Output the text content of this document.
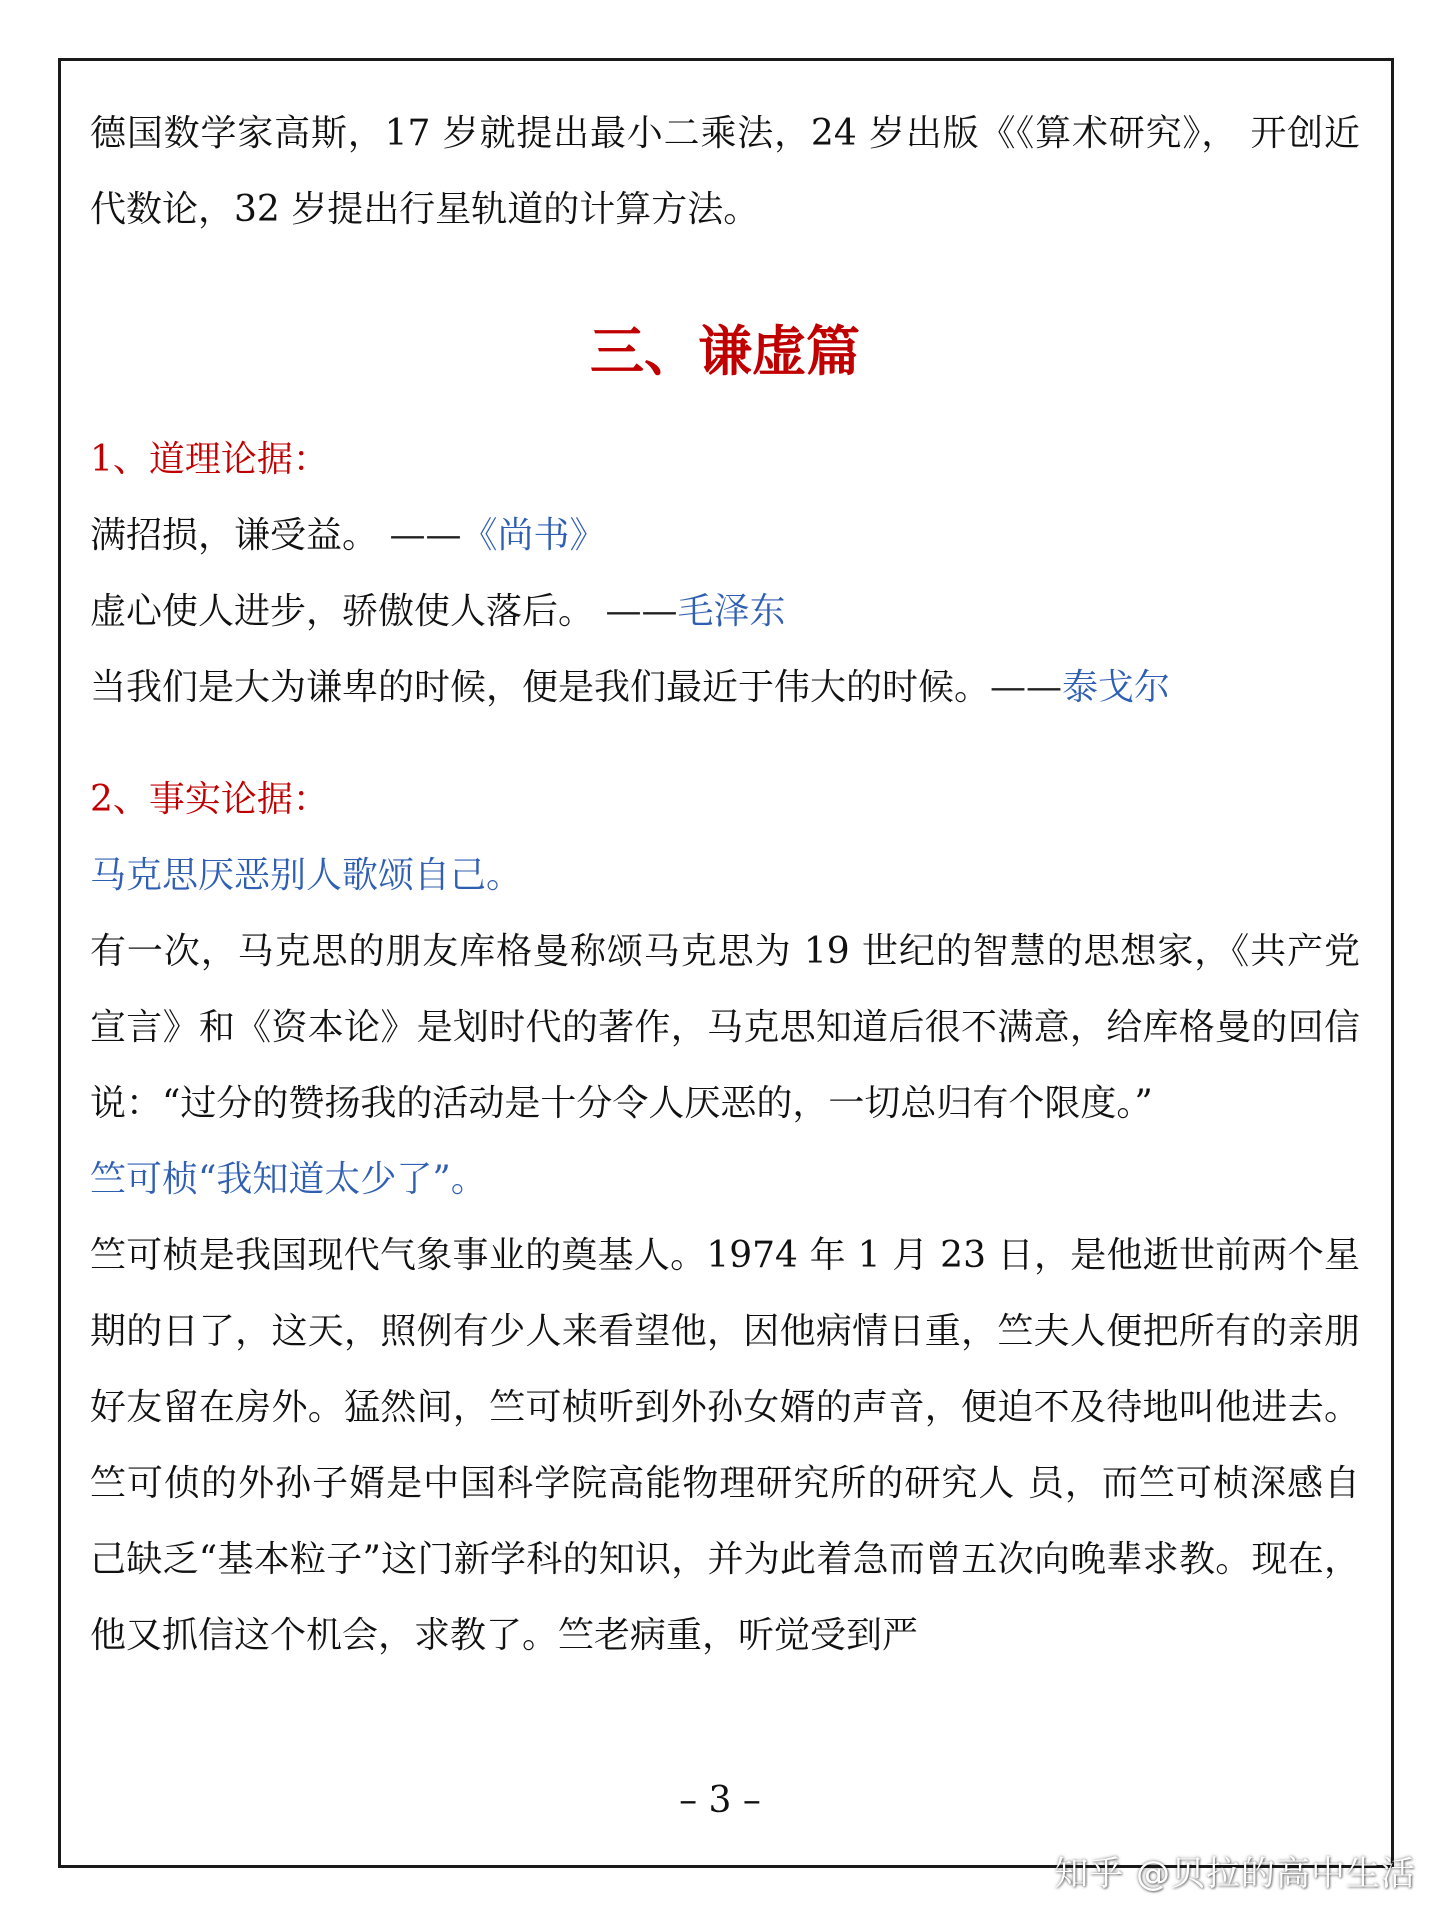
德国数学家高斯，17 岁就提出最小二乘法，24 岁出版《《算术研究》， 开创近代数论，32 岁提出行星轨道的计算方法。

三、谦虚篇

1、道理论据：

满招损，谦受益。 ——《尚书》

虚心使人进步，骄傲使人落后。 ——毛泽东

当我们是大为谦卑的时候，便是我们最近于伟大的时候。——泰戈尔

2、事实论据：

马克思厌恶别人歌颂自己。

有一次，马克思的朋友库格曼称颂马克思为 19 世纪的智慧的思想家，《共产党宣言》和《资本论》是划时代的著作，马克思知道后很不满意，给库格曼的回信说：“过分的赞扬我的活动是十分令人厌恶的，一切总归有个限度。”

竺可桢“我知道太少了”。

竺可桢是我国现代气象事业的奠基人。1974 年 1 月 23 日，是他逝世前两个星期的日了，这天，照例有少人来看望他，因他病情日重，竺夫人便把所有的亲朋好友留在房外。猛然间，竺可桢听到外孙女婿的声音，便迫不及待地叫他进去。竺可侦的外孙子婿是中国科学院高能物理研究所的研究人 员，而竺可桢深感自己缺乏“基本粒子”这门新学科的知识，并为此着急而曾五次向晚辈求教。现在，他又抓信这个机会，求教了。竺老病重，听觉受到严

– 3 –
知乎 @贝拉的高中生活
